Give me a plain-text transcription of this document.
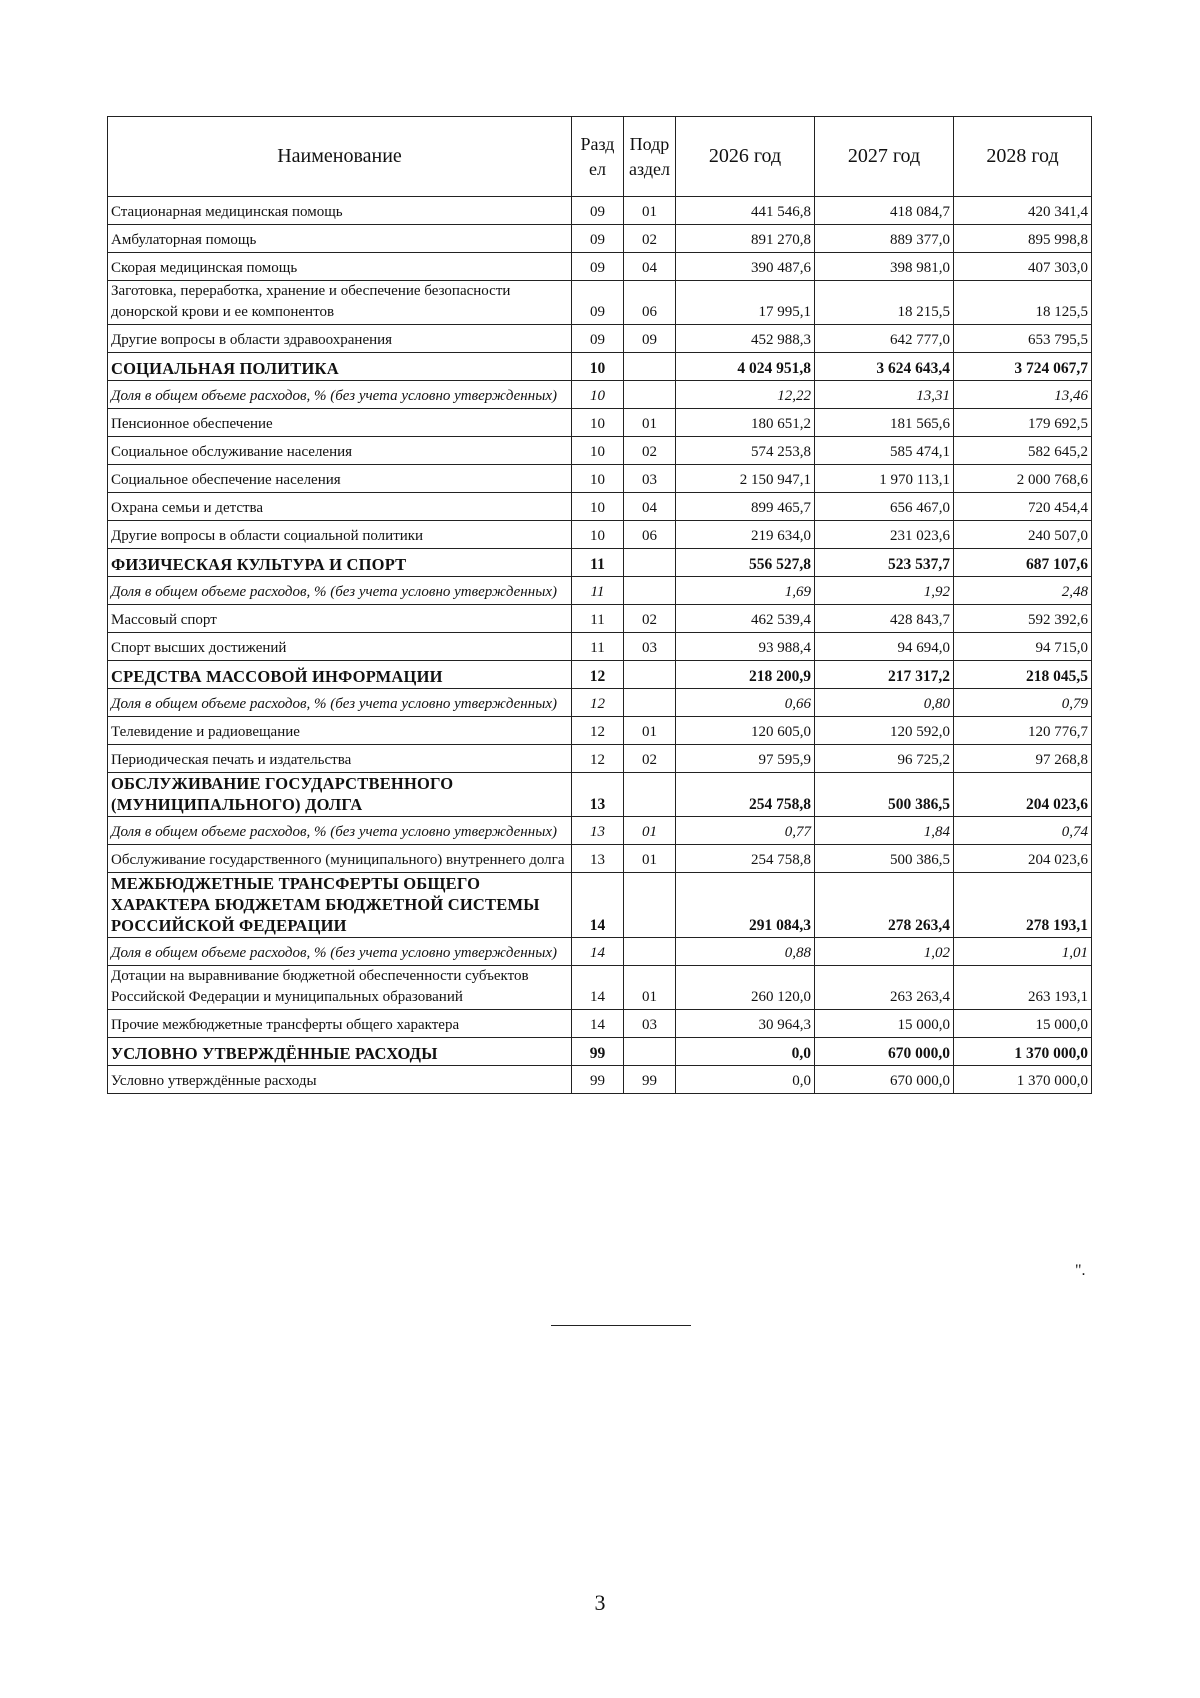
Наименование	Разд ел	Подр аздел	2026 год	2027 год	2028 год
Стационарная медицинская помощь	09	01	441 546,8	418 084,7	420 341,4
Амбулаторная помощь	09	02	891 270,8	889 377,0	895 998,8
Скорая медицинская помощь	09	04	390 487,6	398 981,0	407 303,0
Заготовка, переработка, хранение и обеспечение безопасности донорской крови и ее компонентов	09	06	17 995,1	18 215,5	18 125,5
Другие вопросы в области здравоохранения	09	09	452 988,3	642 777,0	653 795,5
СОЦИАЛЬНАЯ ПОЛИТИКА	10		4 024 951,8	3 624 643,4	3 724 067,7
Доля в общем объеме расходов, % (без учета условно утвержденных)	10		12,22	13,31	13,46
Пенсионное обеспечение	10	01	180 651,2	181 565,6	179 692,5
Социальное обслуживание населения	10	02	574 253,8	585 474,1	582 645,2
Социальное обеспечение населения	10	03	2 150 947,1	1 970 113,1	2 000 768,6
Охрана семьи и детства	10	04	899 465,7	656 467,0	720 454,4
Другие вопросы в области социальной политики	10	06	219 634,0	231 023,6	240 507,0
ФИЗИЧЕСКАЯ КУЛЬТУРА И СПОРТ	11		556 527,8	523 537,7	687 107,6
Доля в общем объеме расходов, % (без учета условно утвержденных)	11		1,69	1,92	2,48
Массовый спорт	11	02	462 539,4	428 843,7	592 392,6
Спорт высших достижений	11	03	93 988,4	94 694,0	94 715,0
СРЕДСТВА МАССОВОЙ ИНФОРМАЦИИ	12		218 200,9	217 317,2	218 045,5
Доля в общем объеме расходов, % (без учета условно утвержденных)	12		0,66	0,80	0,79
Телевидение и радиовещание	12	01	120 605,0	120 592,0	120 776,7
Периодическая печать и издательства	12	02	97 595,9	96 725,2	97 268,8
ОБСЛУЖИВАНИЕ ГОСУДАРСТВЕННОГО (МУНИЦИПАЛЬНОГО) ДОЛГА	13		254 758,8	500 386,5	204 023,6
Доля в общем объеме расходов, % (без учета условно утвержденных)	13	01	0,77	1,84	0,74
Обслуживание государственного (муниципального) внутреннего долга	13	01	254 758,8	500 386,5	204 023,6
МЕЖБЮДЖЕТНЫЕ ТРАНСФЕРТЫ ОБЩЕГО ХАРАКТЕРА БЮДЖЕТАМ БЮДЖЕТНОЙ СИСТЕМЫ РОССИЙСКОЙ ФЕДЕРАЦИИ	14		291 084,3	278 263,4	278 193,1
Доля в общем объеме расходов, % (без учета условно утвержденных)	14		0,88	1,02	1,01
Дотации на выравнивание бюджетной обеспеченности субъектов Российской Федерации и муниципальных образований	14	01	260 120,0	263 263,4	263 193,1
Прочие межбюджетные трансферты общего характера	14	03	30 964,3	15 000,0	15 000,0
УСЛОВНО УТВЕРЖДЁННЫЕ РАСХОДЫ	99		0,0	670 000,0	1 370 000,0
Условно утверждённые расходы	99	99	0,0	670 000,0	1 370 000,0
".
3
